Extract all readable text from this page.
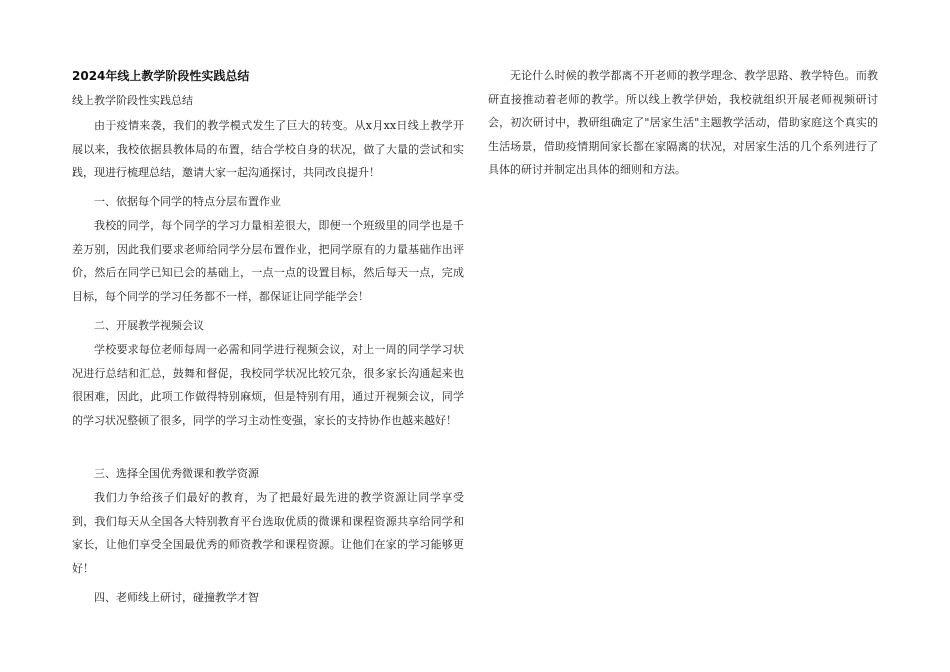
2024年线上教学阶段性实践总结
线上教学阶段性实践总结

由于疫情来袭，我们的教学模式发生了巨大的转变。从x月xx日线上教学开展以来，我校依据县教体局的布置，结合学校自身的状况，做了大量的尝试和实践，现进行梳理总结，邀请大家一起沟通探讨，共同改良提升！

一、依据每个同学的特点分层布置作业

我校的同学，每个同学的学习力量相差很大，即便一个班级里的同学也是千差万别，因此我们要求老师给同学分层布置作业，把同学原有的力量基础作出评价，然后在同学已知已会的基础上，一点一点的设置目标，然后每天一点，完成目标，每个同学的学习任务都不一样，都保证让同学能学会！

二、开展教学视频会议

学校要求每位老师每周一必需和同学进行视频会议，对上一周的同学学习状况进行总结和汇总，鼓舞和督促，我校同学状况比较冗杂，很多家长沟通起来也很困难，因此，此项工作做得特别麻烦，但是特别有用，通过开视频会议，同学的学习状况整顿了很多，同学的学习主动性变强，家长的支持协作也越来越好！

三、选择全国优秀微课和教学资源

我们力争给孩子们最好的教育，为了把最好最先进的教学资源让同学享受到，我们每天从全国各大特别教育平台选取优质的微课和课程资源共享给同学和家长，让他们享受全国最优秀的师资教学和课程资源。让他们在家的学习能够更好！

四、老师线上研讨，碰撞教学才智

无论什么时候的教学都离不开老师的教学理念、教学思路、教学特色。而教研直接推动着老师的教学。所以线上教学伊始，我校就组织开展老师视频研讨会，初次研讨中，教研组确定了"居家生活"主题教学活动，借助家庭这个真实的生活场景，借助疫情期间家长都在家隔离的状况，对居家生活的几个系列进行了具体的研讨并制定出具体的细则和方法。
